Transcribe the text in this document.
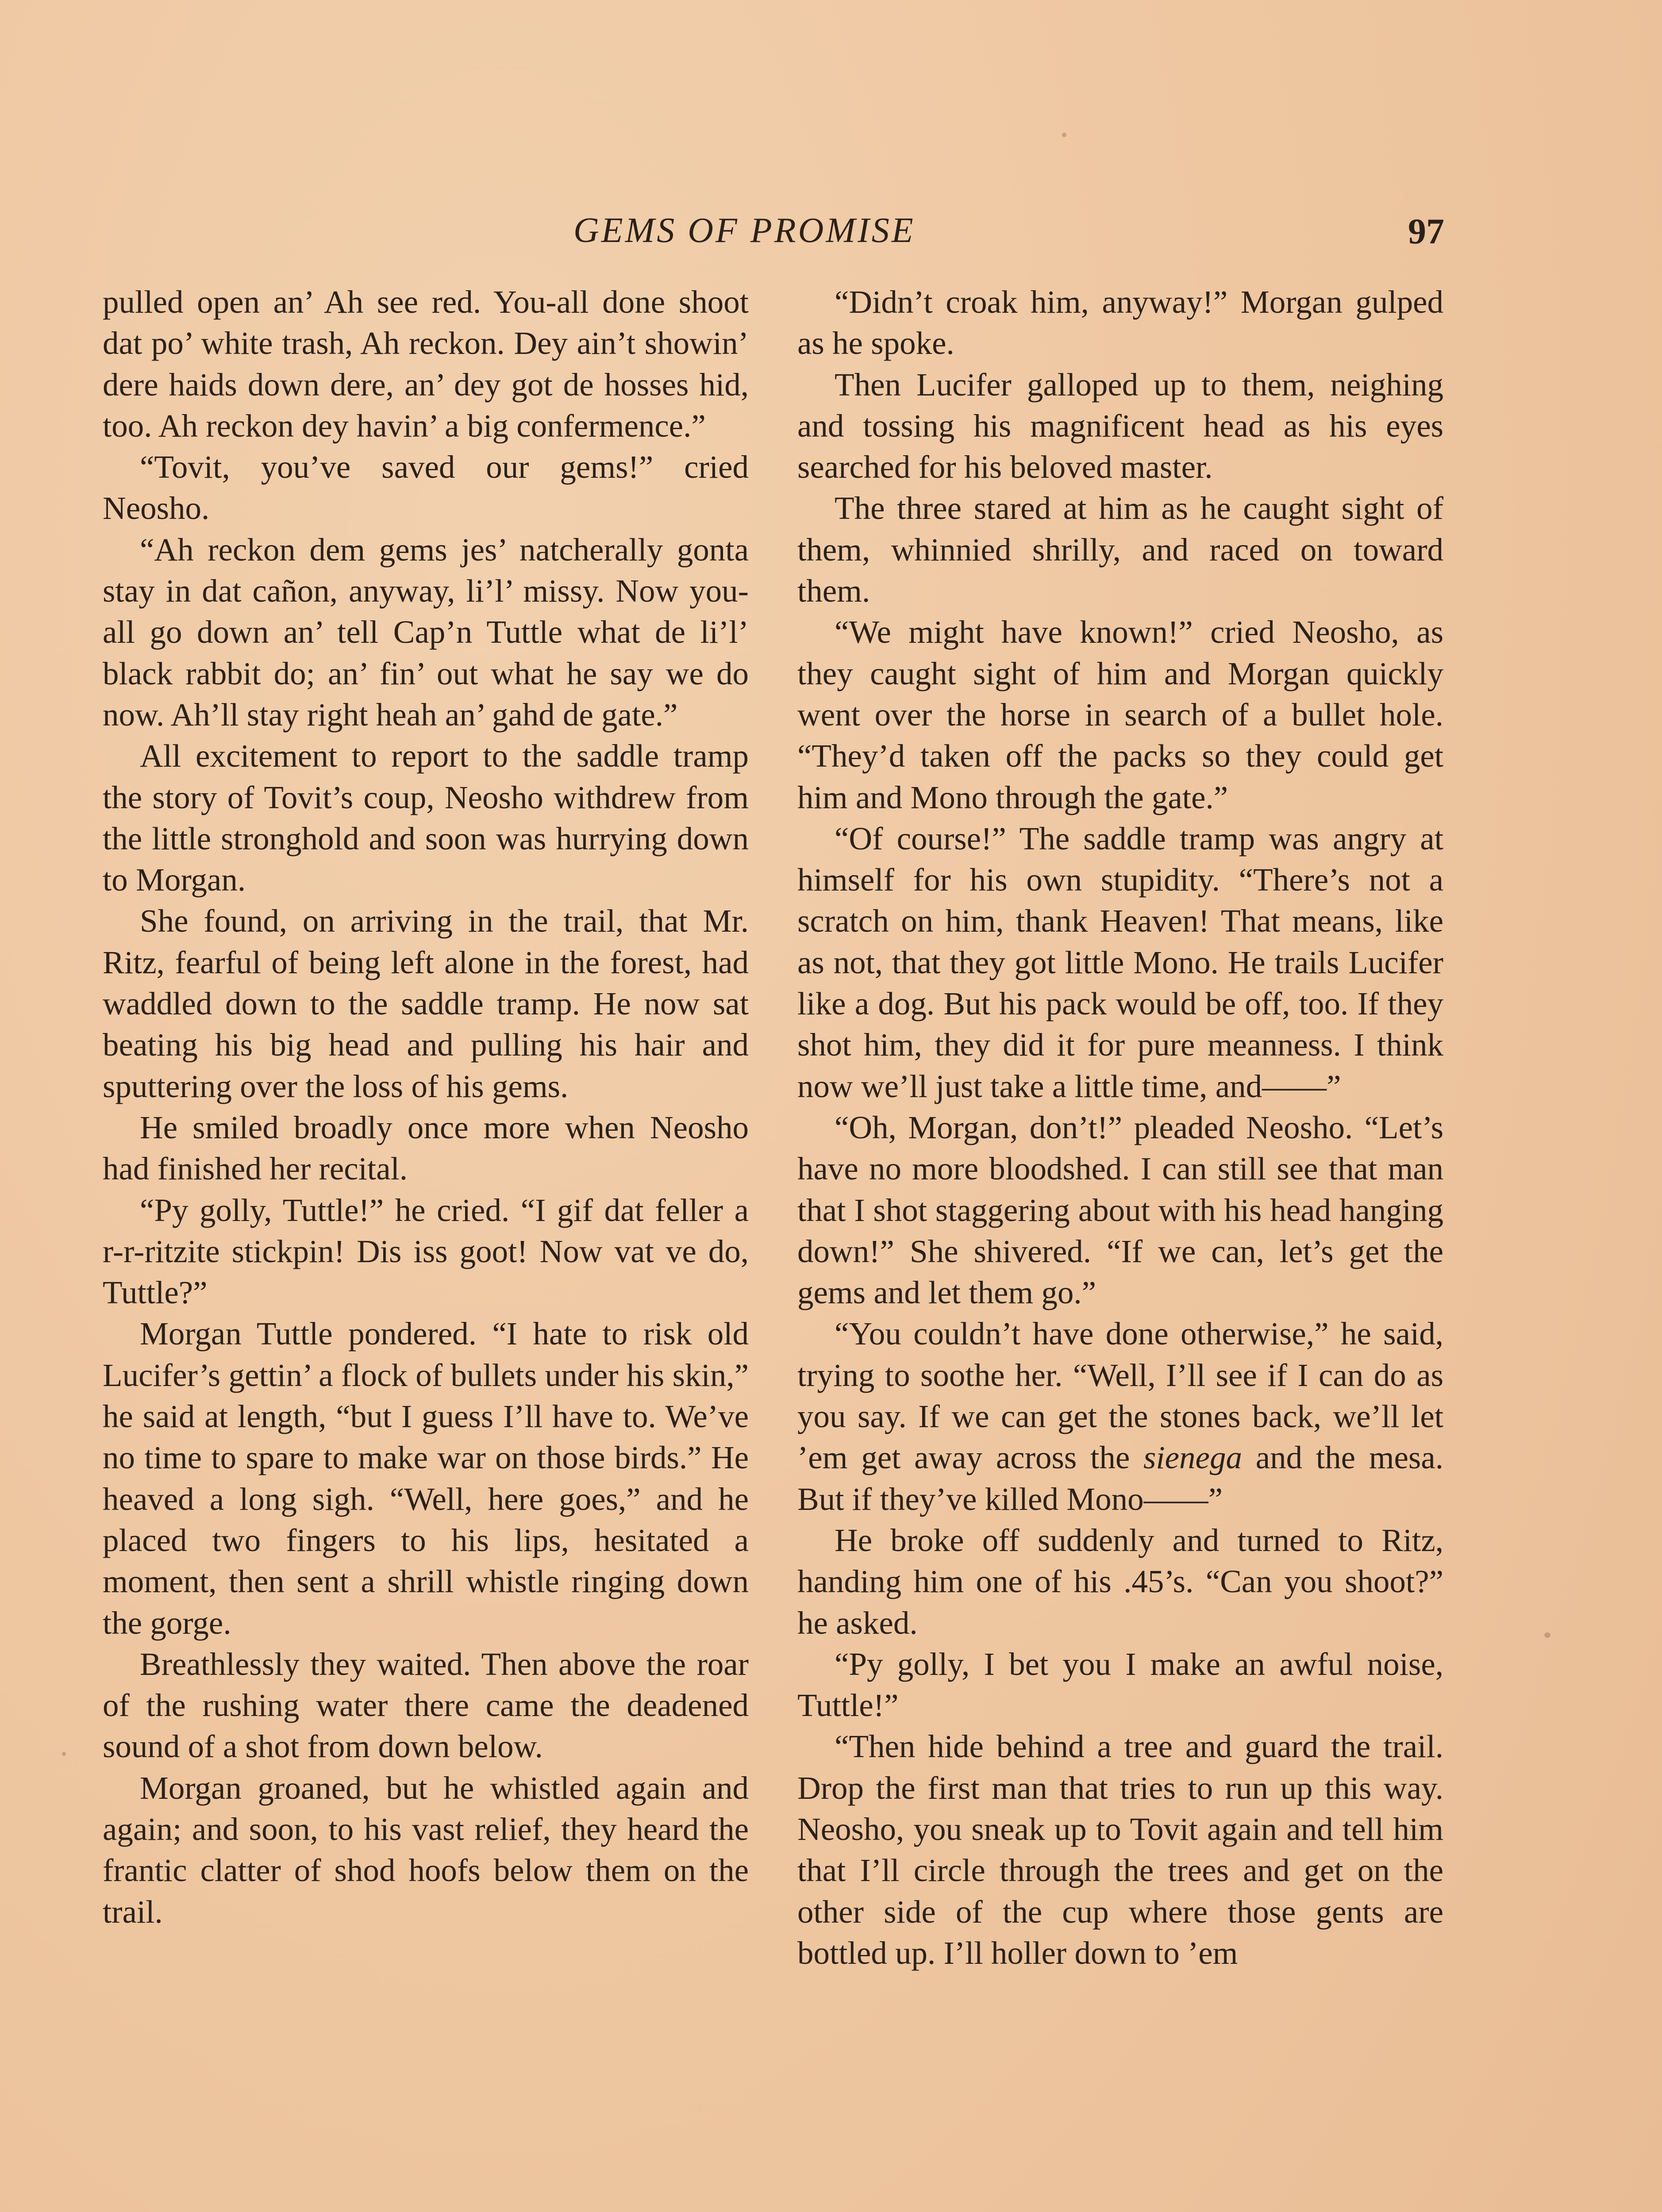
GEMS OF PROMISE	97

pulled open an’ Ah see red. You-all done shoot dat po’ white trash, Ah reckon. Dey ain’t showin’ dere haids down dere, an’ dey got de hosses hid, too. Ah reckon dey havin’ a big confermence.”

“Tovit, you’ve saved our gems!” cried Neosho.

“Ah reckon dem gems jes’ natcherally gonta stay in dat cañon, anyway, li’l’ missy. Now you-all go down an’ tell Cap’n Tuttle what de li’l’ black rabbit do; an’ fin’ out what he say we do now. Ah’ll stay right heah an’ gahd de gate.”

All excitement to report to the saddle tramp the story of Tovit’s coup, Neosho withdrew from the little stronghold and soon was hurrying down to Morgan.

She found, on arriving in the trail, that Mr. Ritz, fearful of being left alone in the forest, had waddled down to the saddle tramp. He now sat beating his big head and pulling his hair and sputtering over the loss of his gems.

He smiled broadly once more when Neosho had finished her recital.

“Py golly, Tuttle!” he cried. “I gif dat feller a r-r-ritzite stickpin! Dis iss goot! Now vat ve do, Tuttle?”

Morgan Tuttle pondered. “I hate to risk old Lucifer’s gettin’ a flock of bullets under his skin,” he said at length, “but I guess I’ll have to. We’ve no time to spare to make war on those birds.” He heaved a long sigh. “Well, here goes,” and he placed two fingers to his lips, hesitated a moment, then sent a shrill whistle ringing down the gorge.

Breathlessly they waited. Then above the roar of the rushing water there came the deadened sound of a shot from down below.

Morgan groaned, but he whistled again and again; and soon, to his vast relief, they heard the frantic clatter of shod hoofs below them on the trail.

“Didn’t croak him, anyway!” Morgan gulped as he spoke.

Then Lucifer galloped up to them, neighing and tossing his magnificent head as his eyes searched for his beloved master.

The three stared at him as he caught sight of them, whinnied shrilly, and raced on toward them.

“We might have known!” cried Neosho, as they caught sight of him and Morgan quickly went over the horse in search of a bullet hole. “They’d taken off the packs so they could get him and Mono through the gate.”

“Of course!” The saddle tramp was angry at himself for his own stupidity. “There’s not a scratch on him, thank Heaven! That means, like as not, that they got little Mono. He trails Lucifer like a dog. But his pack would be off, too. If they shot him, they did it for pure meanness. I think now we’ll just take a little time, and——”

“Oh, Morgan, don’t!” pleaded Neosho. “Let’s have no more bloodshed. I can still see that man that I shot staggering about with his head hanging down!” She shivered. “If we can, let’s get the gems and let them go.”

“You couldn’t have done otherwise,” he said, trying to soothe her. “Well, I’ll see if I can do as you say. If we can get the stones back, we’ll let ’em get away across the sienega and the mesa. But if they’ve killed Mono——”

He broke off suddenly and turned to Ritz, handing him one of his .45’s. “Can you shoot?” he asked.

“Py golly, I bet you I make an awful noise, Tuttle!”

“Then hide behind a tree and guard the trail. Drop the first man that tries to run up this way. Neosho, you sneak up to Tovit again and tell him that I’ll circle through the trees and get on the other side of the cup where those gents are bottled up. I’ll holler down to ’em
